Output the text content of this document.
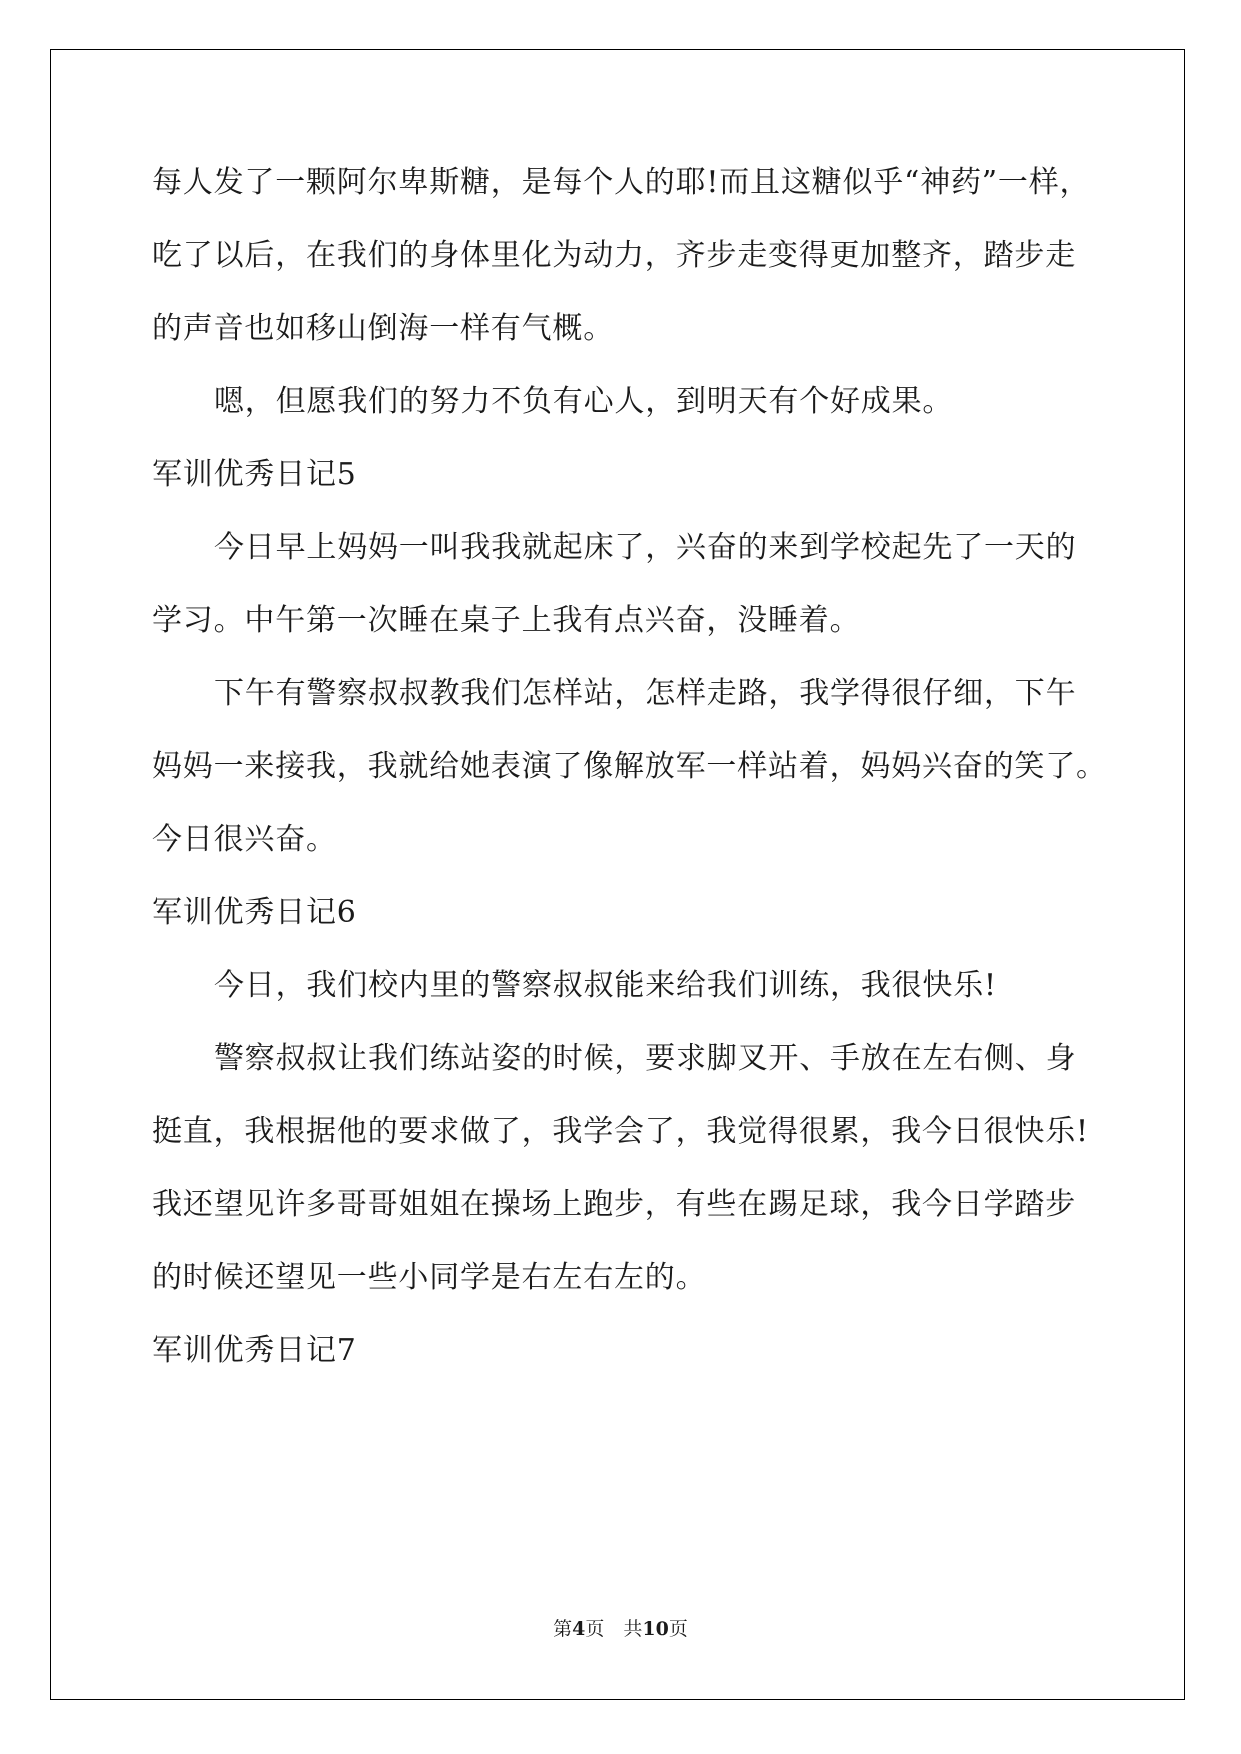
每人发了一颗阿尔卑斯糖，是每个人的耶!而且这糖似乎“神药”一样，
吃了以后，在我们的身体里化为动力，齐步走变得更加整齐，踏步走
的声音也如移山倒海一样有气概。
嗯，但愿我们的努力不负有心人，到明天有个好成果。
军训优秀日记5
今日早上妈妈一叫我我就起床了，兴奋的来到学校起先了一天的
学习。中午第一次睡在桌子上我有点兴奋，没睡着。
下午有警察叔叔教我们怎样站，怎样走路，我学得很仔细，下午
妈妈一来接我，我就给她表演了像解放军一样站着，妈妈兴奋的笑了。
今日很兴奋。
军训优秀日记6
今日，我们校内里的警察叔叔能来给我们训练，我很快乐!
警察叔叔让我们练站姿的时候，要求脚叉开、手放在左右侧、身
挺直，我根据他的要求做了，我学会了，我觉得很累，我今日很快乐!
我还望见许多哥哥姐姐在操场上跑步，有些在踢足球，我今日学踏步
的时候还望见一些小同学是右左右左的。
军训优秀日记7
第4页　共10页
